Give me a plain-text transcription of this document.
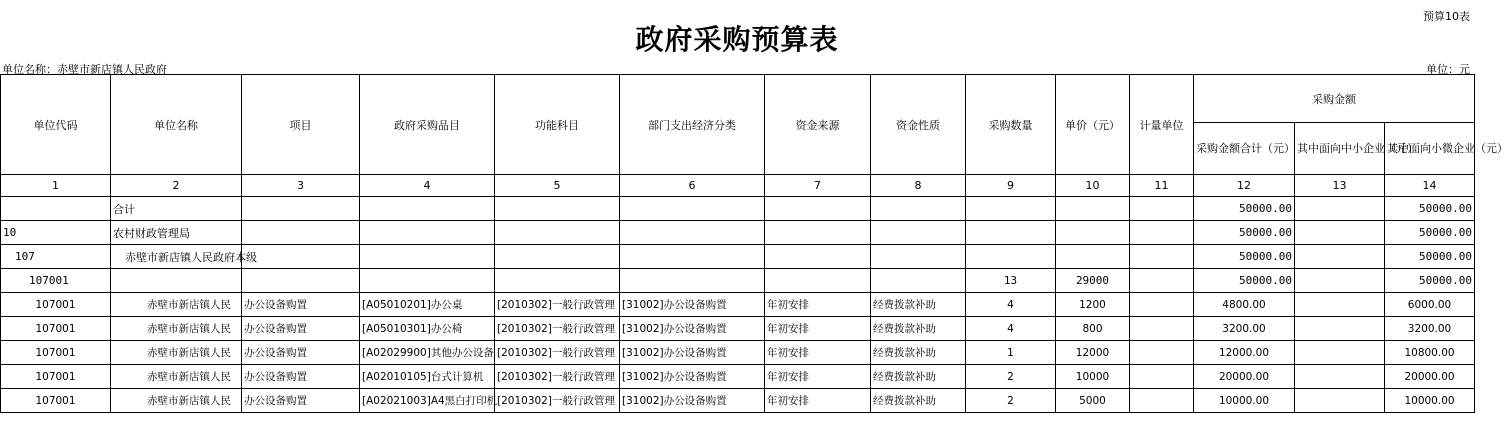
预算10表
政府采购预算表
单位名称：赤壁市新店镇人民政府	单位：元
单位代码	单位名称	项目	政府采购品目	功能科目	部门支出经济分类	资金来源	资金性质	采购数量	单价（元）	计量单位	采购金额		
											采购金额合计（元）	其中面向中小企业（元）	其中面向小微企业（元）
1	2	3	4	5	6	7	8	9	10	11	12	13	14
	合计										50000.00		50000.00
10	农村财政管理局										50000.00		50000.00
107	赤壁市新店镇人民政府本级										50000.00		50000.00
107001								13	29000		50000.00		50000.00
107001	赤壁市新店镇人民	办公设备购置	[A05010201]办公桌	[2010302]一般行政管理	[31002]办公设备购置	年初安排	经费拨款补助	4	1200		4800.00		6000.00
107001	赤壁市新店镇人民	办公设备购置	[A05010301]办公椅	[2010302]一般行政管理	[31002]办公设备购置	年初安排	经费拨款补助	4	800		3200.00		3200.00
107001	赤壁市新店镇人民	办公设备购置	[A02029900]其他办公设备	[2010302]一般行政管理	[31002]办公设备购置	年初安排	经费拨款补助	1	12000		12000.00		10800.00
107001	赤壁市新店镇人民	办公设备购置	[A02010105]台式计算机	[2010302]一般行政管理	[31002]办公设备购置	年初安排	经费拨款补助	2	10000		20000.00		20000.00
107001	赤壁市新店镇人民	办公设备购置	[A02021003]A4黑白打印机	[2010302]一般行政管理	[31002]办公设备购置	年初安排	经费拨款补助	2	5000		10000.00		10000.00
